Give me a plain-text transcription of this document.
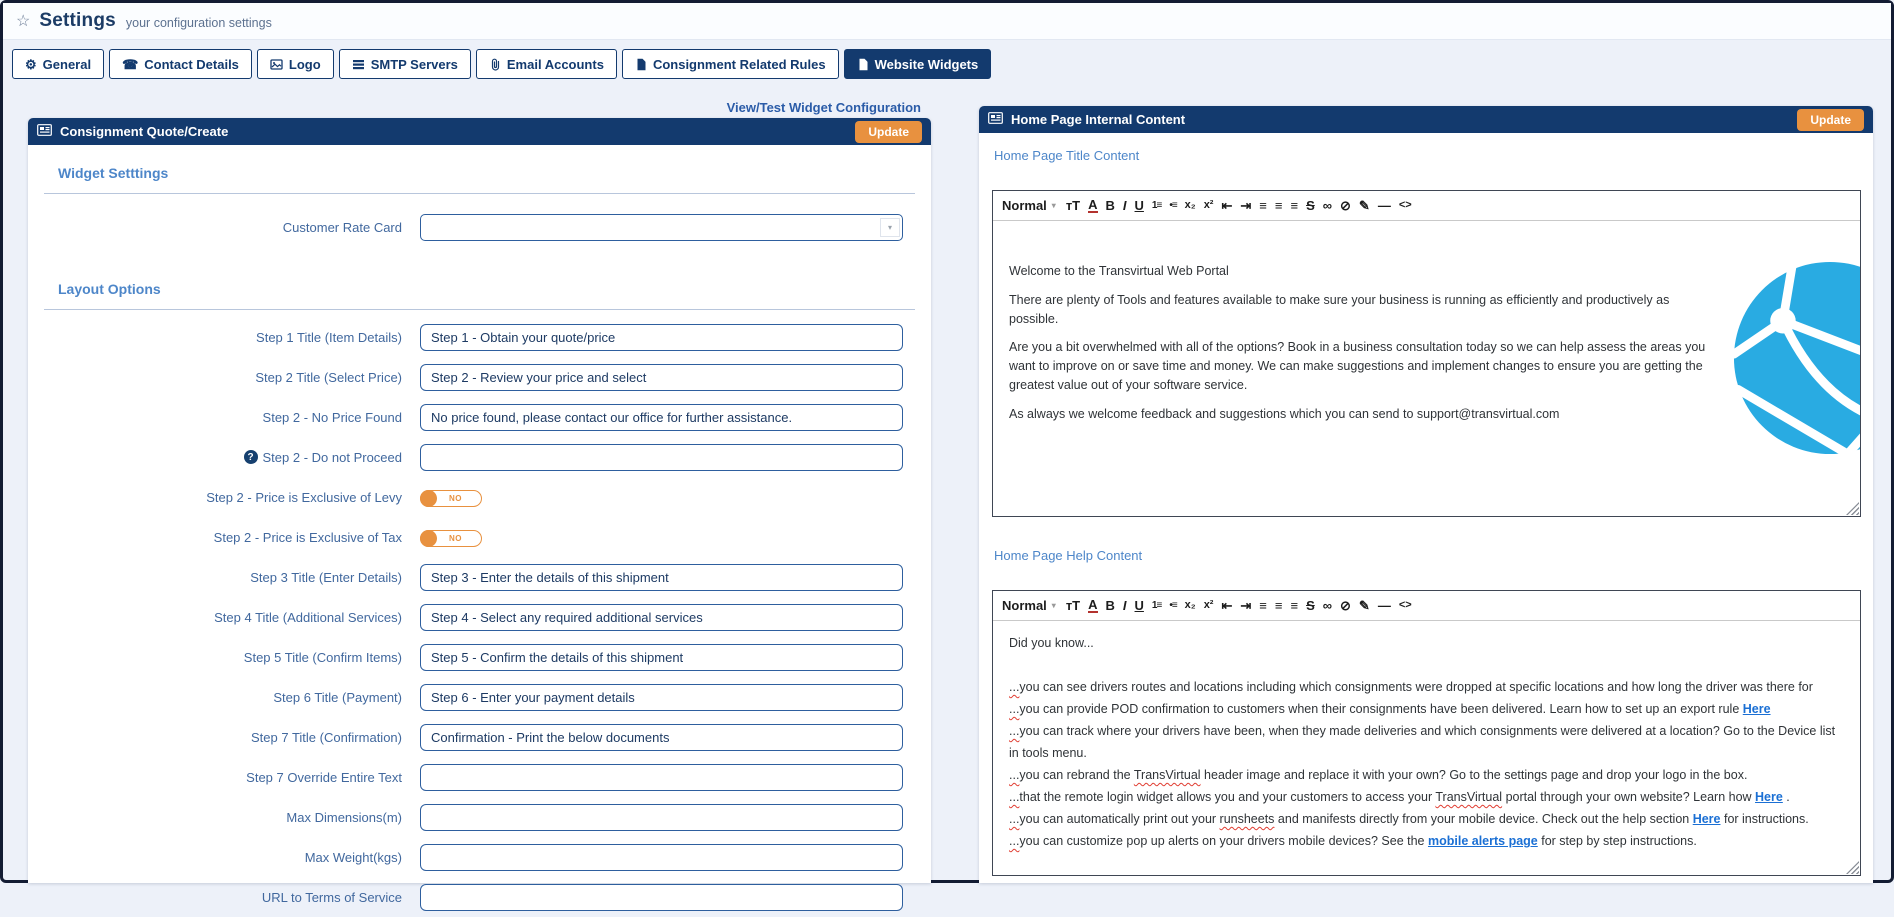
☆ Settings your configuration settings
⚙ General ☎ Contact Details	Logo	SMTP Servers	Email Accounts	Consignment Related Rules	Website Widgets
View/Test Widget Configuration
Consignment Quote/Create	Update
Widget Setttings
Customer Rate Card	▾
Layout Options
Step 1 Title (Item Details)
Step 1 - Obtain your quote/price
Step 2 Title (Select Price)
Step 2 - Review your price and select
Step 2 - No Price Found
No price found, please contact our office for further assistance.
? Step 2 - Do not Proceed
Step 2 - Price is Exclusive of Levy	NO
Step 2 - Price is Exclusive of Tax	NO
Step 3 Title (Enter Details)
Step 3 - Enter the details of this shipment
Step 4 Title (Additional Services)
Step 4 - Select any required additional services
Step 5 Title (Confirm Items)
Step 5 - Confirm the details of this shipment
Step 6 Title (Payment)
Step 6 - Enter your payment details
Step 7 Title (Confirmation)
Confirmation - Print the below documents
Step 7 Override Entire Text
Max Dimensions(m)
Max Weight(kgs)
URL to Terms of Service
Home Page Internal Content	Update
Home Page Title Content
Normal ▾ ᴛT A B I U 1≡ •≡ x₂ x² ⇤ ⇥ ≡ ≡ ≡ S ∞ ⊘ ✎ — <>

Welcome to the Transvirtual Web Portal

There are plenty of Tools and features available to make sure your business is running as efficiently and productively as possible.

Are you a bit overwhelmed with all of the options? Book in a business consultation today so we can help assess the areas you want to improve on or save time and money. We can make suggestions and implement changes to ensure you are getting the greatest value out of your software service.

As always we welcome feedback and suggestions which you can send to support@transvirtual.com

Home Page Help Content
Normal ▾ ᴛT A B I U 1≡ •≡ x₂ x² ⇤ ⇥ ≡ ≡ ≡ S ∞ ⊘ ✎ — <>

Did you know...

...you can see drivers routes and locations including which consignments were dropped at specific locations and how long the driver was there for

...you can provide POD confirmation to customers when their consignments have been delivered. Learn how to set up an export rule Here

...you can track where your drivers have been, when they made deliveries and which consignments were delivered at a location? Go to the Device list in tools menu.

...you can rebrand the TransVirtual header image and replace it with your own? Go to the settings page and drop your logo in the box.

...that the remote login widget allows you and your customers to access your TransVirtual portal through your own website? Learn how Here .

...you can automatically print out your runsheets and manifests directly from your mobile device. Check out the help section Here for instructions.

...you can customize pop up alerts on your drivers mobile devices? See the mobile alerts page for step by step instructions.
